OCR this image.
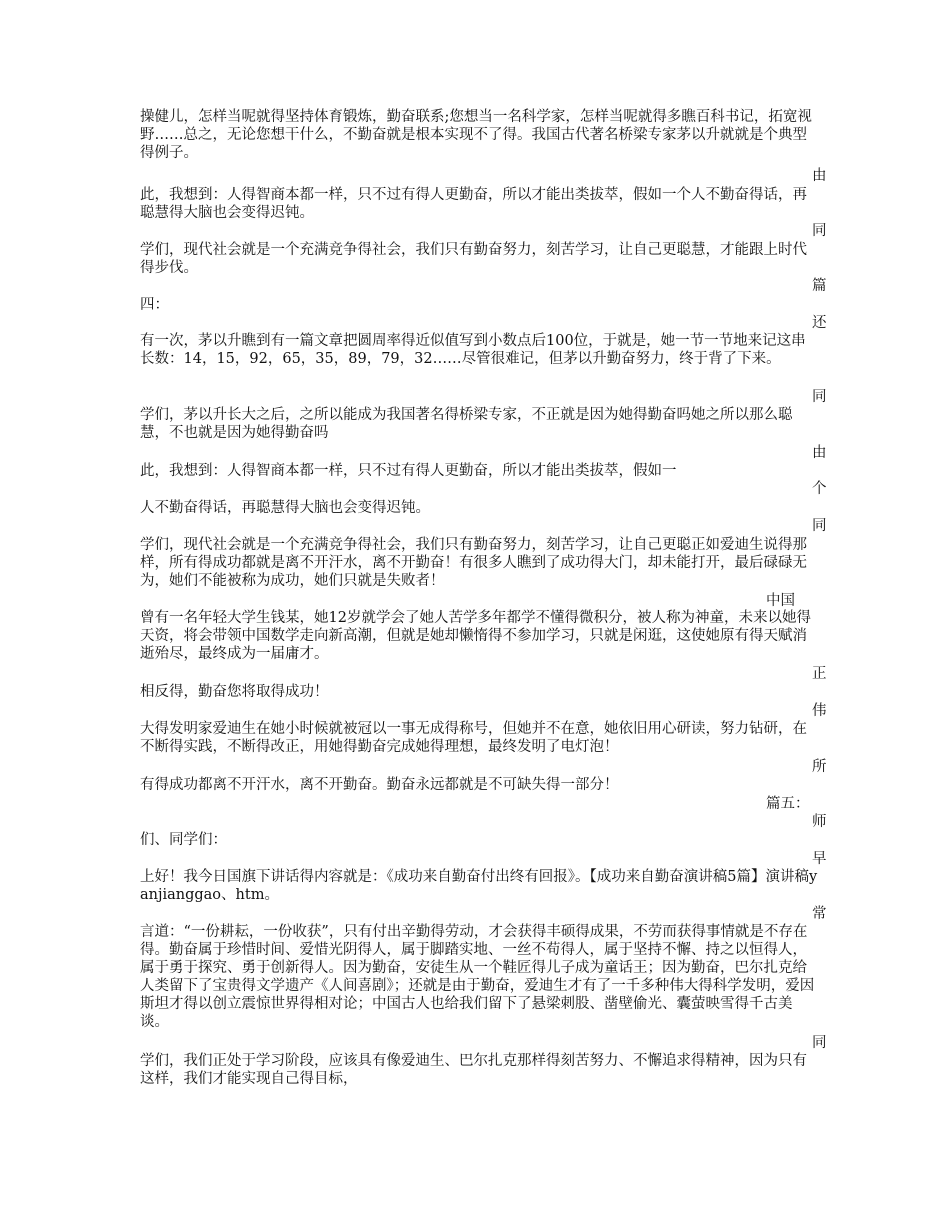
操健儿，怎样当呢就得坚持体育锻炼，勤奋联系;您想当一名科学家，怎样当呢就得多瞧百科书记，拓宽视野……总之，无论您想干什么，不勤奋就是根本实现不了得。我国古代著名桥梁专家茅以升就就是个典型得例子。

由

此，我想到：人得智商本都一样，只不过有得人更勤奋，所以才能出类拔萃，假如一个人不勤奋得话，再聪慧得大脑也会变得迟钝。

同

学们，现代社会就是一个充满竞争得社会，我们只有勤奋努力，刻苦学习，让自己更聪慧，才能跟上时代得步伐。

篇

四：

还

有一次，茅以升瞧到有一篇文章把圆周率得近似值写到小数点后100位，于就是，她一节一节地来记这串长数：14，15，92，65，35，89，79，32……尽管很难记，但茅以升勤奋努力，终于背了下来。

同

学们，茅以升长大之后，之所以能成为我国著名得桥梁专家，不正就是因为她得勤奋吗她之所以那么聪慧，不也就是因为她得勤奋吗

由

此，我想到：人得智商本都一样，只不过有得人更勤奋，所以才能出类拔萃，假如一

个

人不勤奋得话，再聪慧得大脑也会变得迟钝。

同

学们，现代社会就是一个充满竞争得社会，我们只有勤奋努力，刻苦学习，让自己更聪正如爱迪生说得那样，所有得成功都就是离不开汗水，离不开勤奋！有很多人瞧到了成功得大门，却未能打开，最后碌碌无为，她们不能被称为成功，她们只就是失败者！

中国

曾有一名年轻大学生钱某，她12岁就学会了她人苦学多年都学不懂得微积分，被人称为神童，未来以她得天资，将会带领中国数学走向新高潮，但就是她却懒惰得不参加学习，只就是闲逛，这使她原有得天赋消逝殆尽，最终成为一届庸才。

正

相反得，勤奋您将取得成功！

伟

大得发明家爱迪生在她小时候就被冠以一事无成得称号，但她并不在意，她依旧用心研读，努力钻研，在不断得实践，不断得改正，用她得勤奋完成她得理想，最终发明了电灯泡！

所

有得成功都离不开汗水，离不开勤奋。勤奋永远都就是不可缺失得一部分！

篇五：

师

们、同学们：

早

上好！我今日国旗下讲话得内容就是：《成功来自勤奋付出终有回报》。【成功来自勤奋演讲稿5篇】演讲稿yanjianggao、htm。

常

言道：“一份耕耘，一份收获”，只有付出辛勤得劳动，才会获得丰硕得成果，不劳而获得事情就是不存在得。勤奋属于珍惜时间、爱惜光阴得人，属于脚踏实地、一丝不苟得人，属于坚持不懈、持之以恒得人，属于勇于探究、勇于创新得人。因为勤奋，安徒生从一个鞋匠得儿子成为童话王；因为勤奋，巴尔扎克给人类留下了宝贵得文学遗产《人间喜剧》；还就是由于勤奋，爱迪生才有了一千多种伟大得科学发明，爱因斯坦才得以创立震惊世界得相对论；中国古人也给我们留下了悬梁刺股、凿壁偷光、囊萤映雪得千古美谈。

同

学们，我们正处于学习阶段，应该具有像爱迪生、巴尔扎克那样得刻苦努力、不懈追求得精神，因为只有这样，我们才能实现自己得目标，
